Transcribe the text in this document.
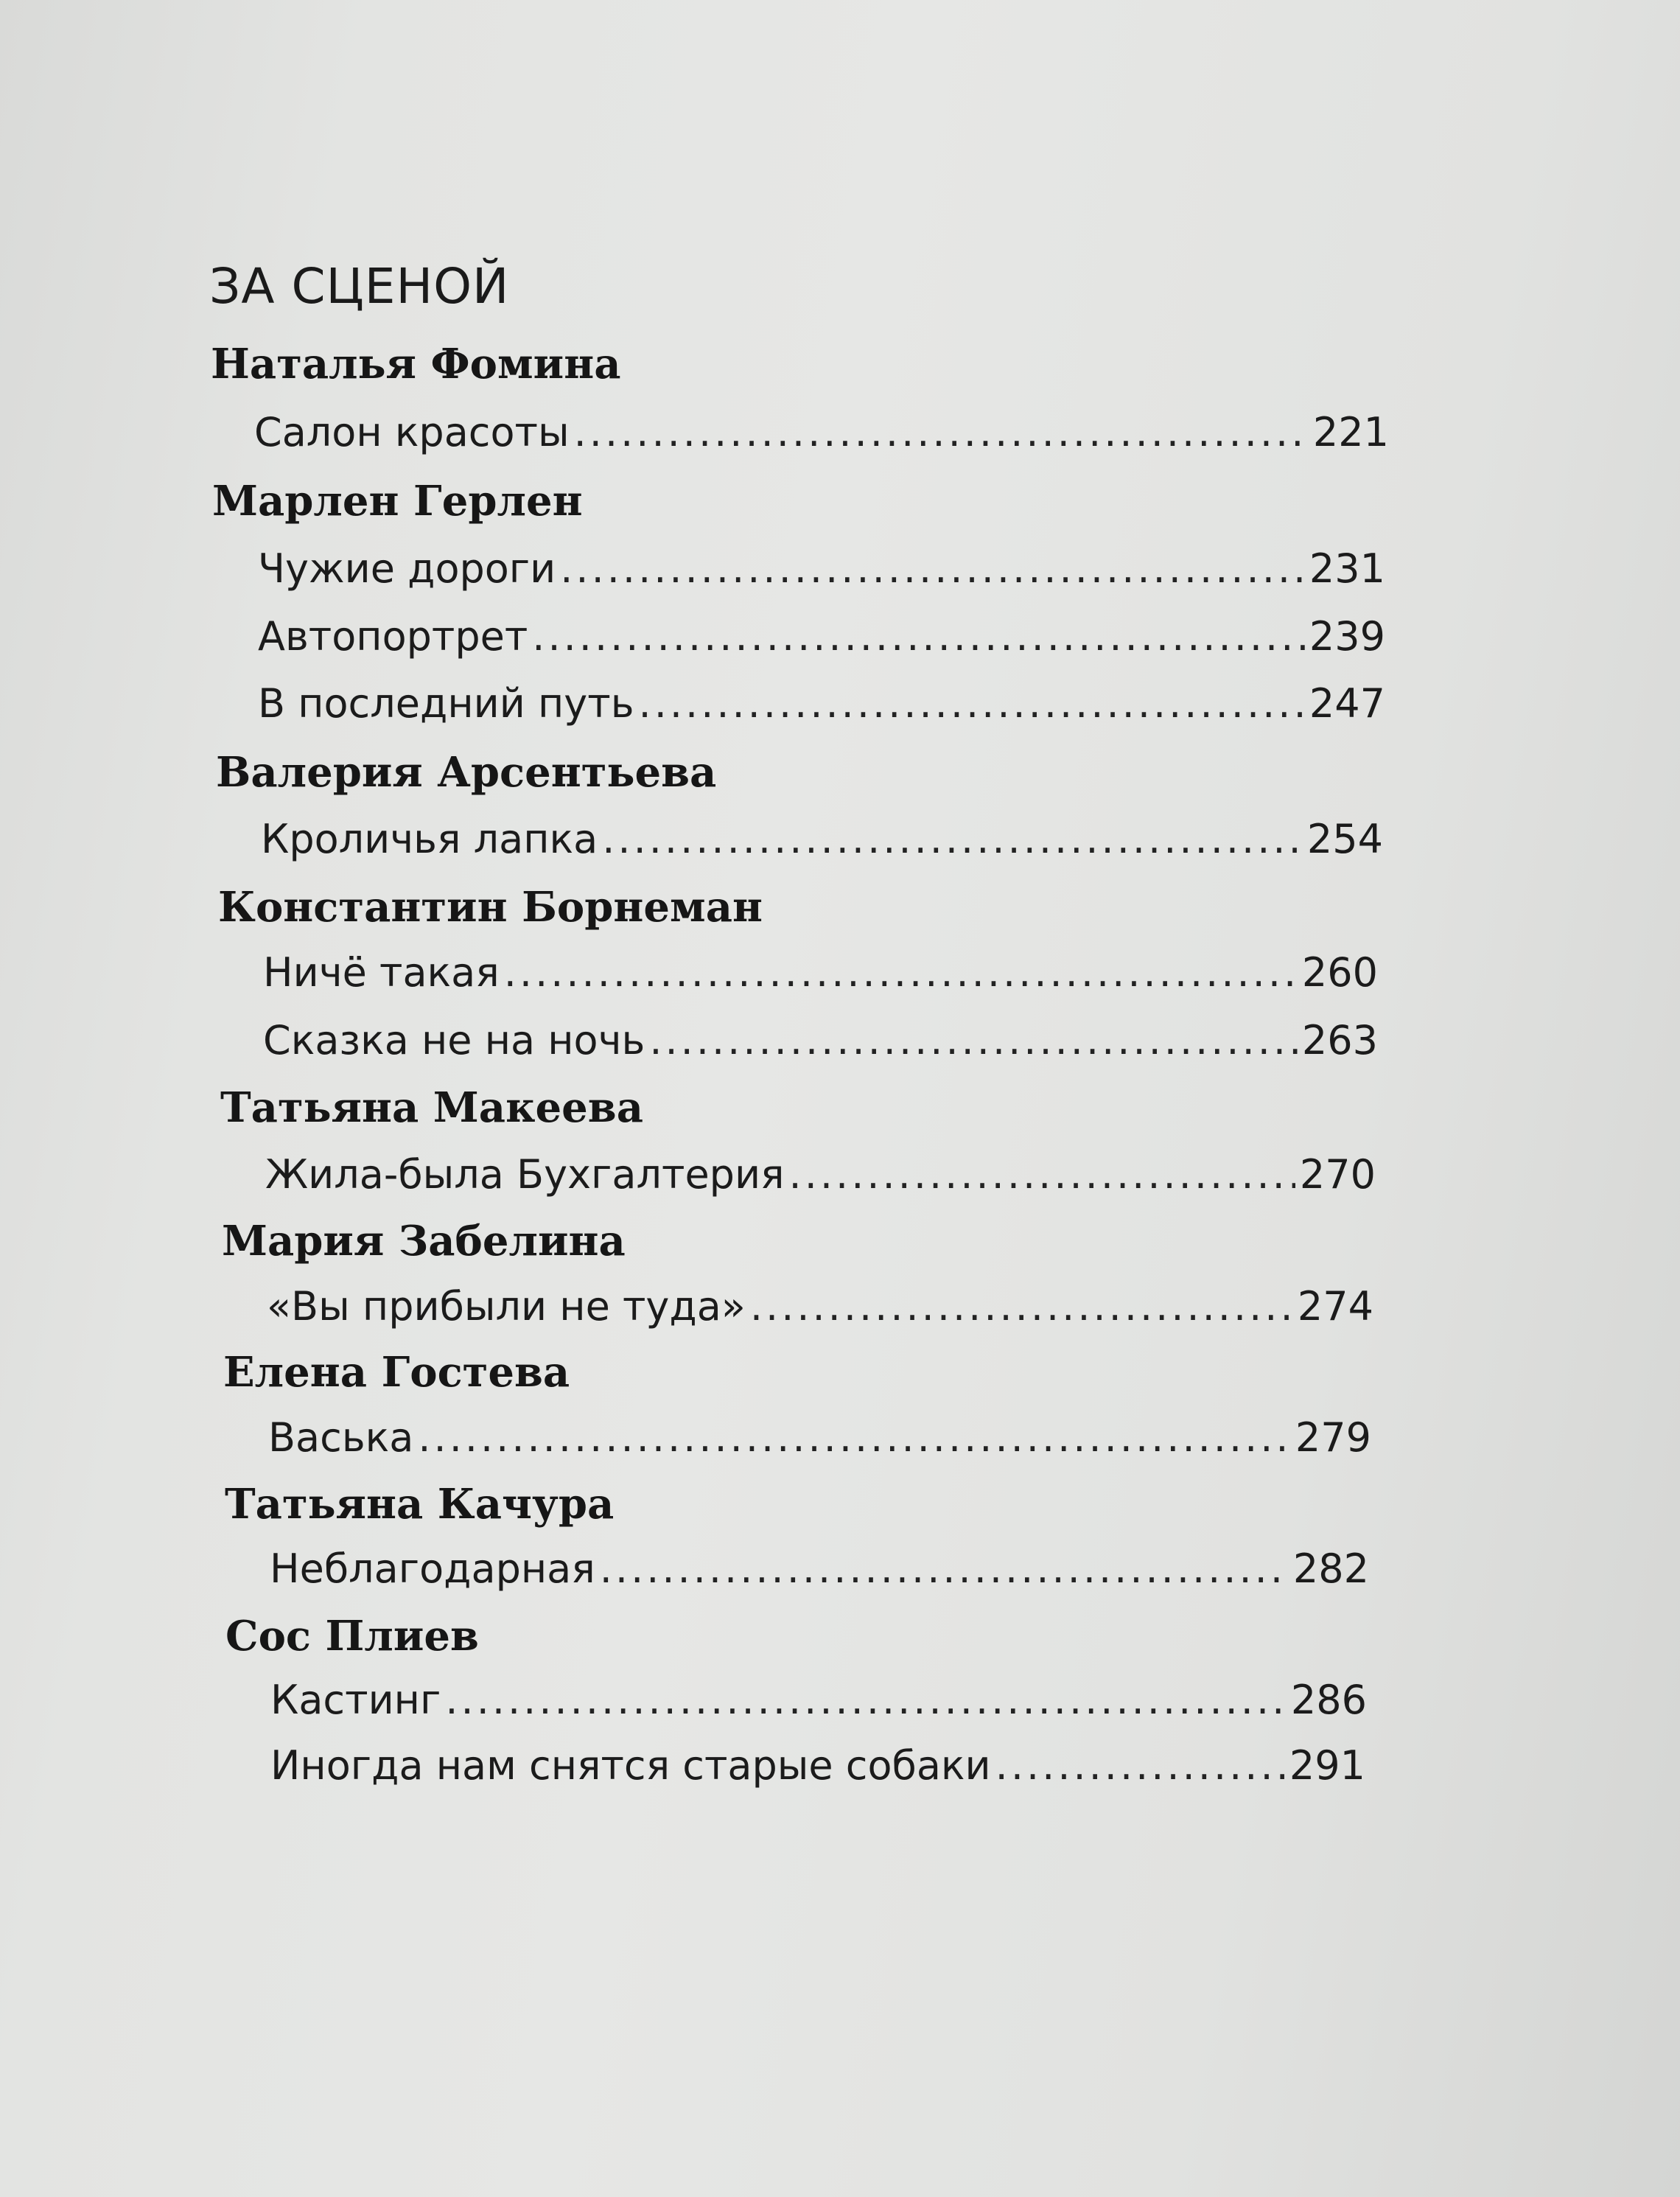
ЗА СЦЕНОЙ
Наталья Фомина
Салон красоты .....	221
Марлен Герлен
Чужие дороги .....	231
Автопортрет .....	239
В последний путь .....	247
Валерия Арсентьева
Кроличья лапка .....	254
Константин Борнеман
Ничё такая .....	260
Сказка не на ночь .....	263
Татьяна Макеева
Жила-была Бухгалтерия .....	270
Мария Забелина
«Вы прибыли не туда» .....	274
Елена Гостева
Васька .....	279
Татьяна Качура
Неблагодарная .....	282
Сос Плиев
Кастинг .....	286
Иногда нам снятся старые собаки .....	291
